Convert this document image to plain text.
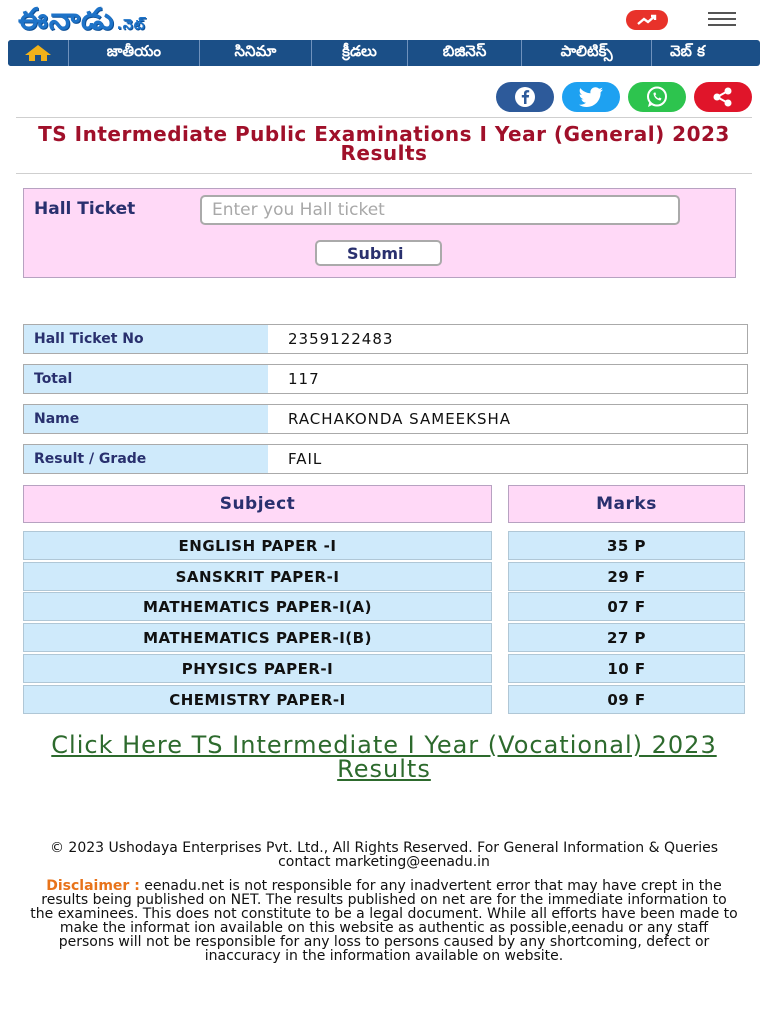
ఈనాడు .నెట్
జాతీయం	సినిమా	క్రీడలు	బిజినెస్	పాలిటిక్స్	వెబ్ క
TS Intermediate Public Examinations I Year (General) 2023 Results
Hall Ticket
Enter you Hall ticket
Submi
Hall Ticket No	2359122483
Total	117
Name	RACHAKONDA SAMEEKSHA
Result / Grade	FAIL
Subject	Marks
ENGLISH PAPER -I	35 P
SANSKRIT PAPER-I	29 F
MATHEMATICS PAPER-I(A)	07 F
MATHEMATICS PAPER-I(B)	27 P
PHYSICS PAPER-I	10 F
CHEMISTRY PAPER-I	09 F
Click Here TS Intermediate I Year (Vocational) 2023 Results
© 2023 Ushodaya Enterprises Pvt. Ltd., All Rights Reserved. For General Information & Queries contact marketing@eenadu.in
Disclaimer : eenadu.net is not responsible for any inadvertent error that may have crept in the results being published on NET. The results published on net are for the immediate information to the examinees. This does not constitute to be a legal document. While all efforts have been made to make the informat ion available on this website as authentic as possible,eenadu or any staff persons will not be responsible for any loss to persons caused by any shortcoming, defect or inaccuracy in the information available on website.
